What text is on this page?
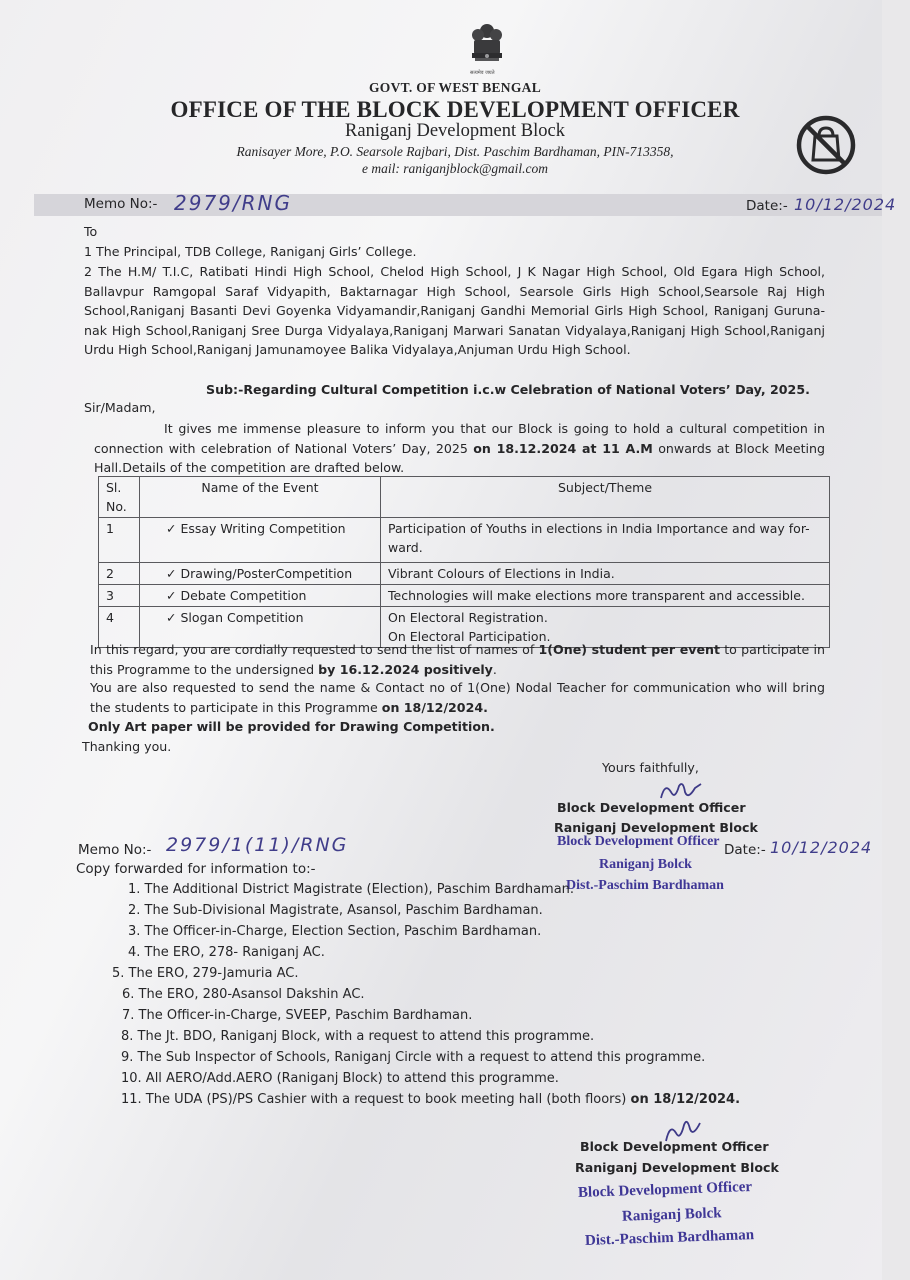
सत्यमेव जयते
GOVT. OF WEST BENGAL
OFFICE OF THE BLOCK DEVELOPMENT OFFICER
Raniganj Development Block
Ranisayer More, P.O. Searsole Rajbari, Dist. Paschim Bardhaman, PIN-713358,
e mail: raniganjblock@gmail.com
Memo No:- 2979/RNG	Date:- 10/12/2024
To
1 The Principal, TDB College, Raniganj Girls’ College.
2 The H.M/ T.I.C, Ratibati Hindi High School, Chelod High School, J K Nagar High School, Old Egara High School, Ballavpur Ramgopal Saraf Vidyapith, Baktarnagar High School, Searsole Girls High School,Searsole Raj High School,Raniganj Basanti Devi Goyenka Vidyamandir,Raniganj Gandhi Memorial Girls High School, Raniganj Guruna-nak High School,Raniganj Sree Durga Vidyalaya,Raniganj Marwari Sanatan Vidyalaya,Raniganj High School,Raniganj Urdu High School,Raniganj Jamunamoyee Balika Vidyalaya,Anjuman Urdu High School.
Sub:-Regarding Cultural Competition i.c.w Celebration of National Voters’ Day, 2025.
Sir/Madam,
It gives me immense pleasure to inform you that our Block is going to hold a cultural competition in connection with celebration of National Voters’ Day, 2025 on 18.12.2024 at 11 A.M onwards at Block Meeting Hall.Details of the competition are drafted below.
Sl. No.	Name of the Event	Subject/Theme
1	✓ Essay Writing Competition	Participation of Youths in elections in India Importance and way for-ward.
2	✓ Drawing/PosterCompetition	Vibrant Colours of Elections in India.
3	✓ Debate Competition	Technologies will make elections more transparent and accessible.
4	✓ Slogan Competition	On Electoral Registration.
On Electoral Participation.
In this regard, you are cordially requested to send the list of names of 1(One) student per event to participate in this Programme to the undersigned by 16.12.2024 positively.
You are also requested to send the name & Contact no of 1(One) Nodal Teacher for communication who will bring the students to participate in this Programme on 18/12/2024.
Only Art paper will be provided for Drawing Competition.
Thanking you.
Yours faithfully,
Block Development Officer
Raniganj Development Block
Block Development Officer
Raniganj Bolck
Dist.-Paschim Bardhaman
Memo No:- 2979/1(11)/RNG	Date:- 10/12/2024
Copy forwarded for information to:-
1. The Additional District Magistrate (Election), Paschim Bardhaman.
2. The Sub-Divisional Magistrate, Asansol, Paschim Bardhaman.
3. The Officer-in-Charge, Election Section, Paschim Bardhaman.
4. The ERO, 278- Raniganj AC.
5. The ERO, 279-Jamuria AC.
6. The ERO, 280-Asansol Dakshin AC.
7. The Officer-in-Charge, SVEEP, Paschim Bardhaman.
8. The Jt. BDO, Raniganj Block, with a request to attend this programme.
9. The Sub Inspector of Schools, Raniganj Circle with a request to attend this programme.
10. All AERO/Add.AERO (Raniganj Block) to attend this programme.
11. The UDA (PS)/PS Cashier with a request to book meeting hall (both floors) on 18/12/2024.
Block Development Officer
Raniganj Development Block
Block Development Officer
Raniganj Bolck
Dist.-Paschim Bardhaman
